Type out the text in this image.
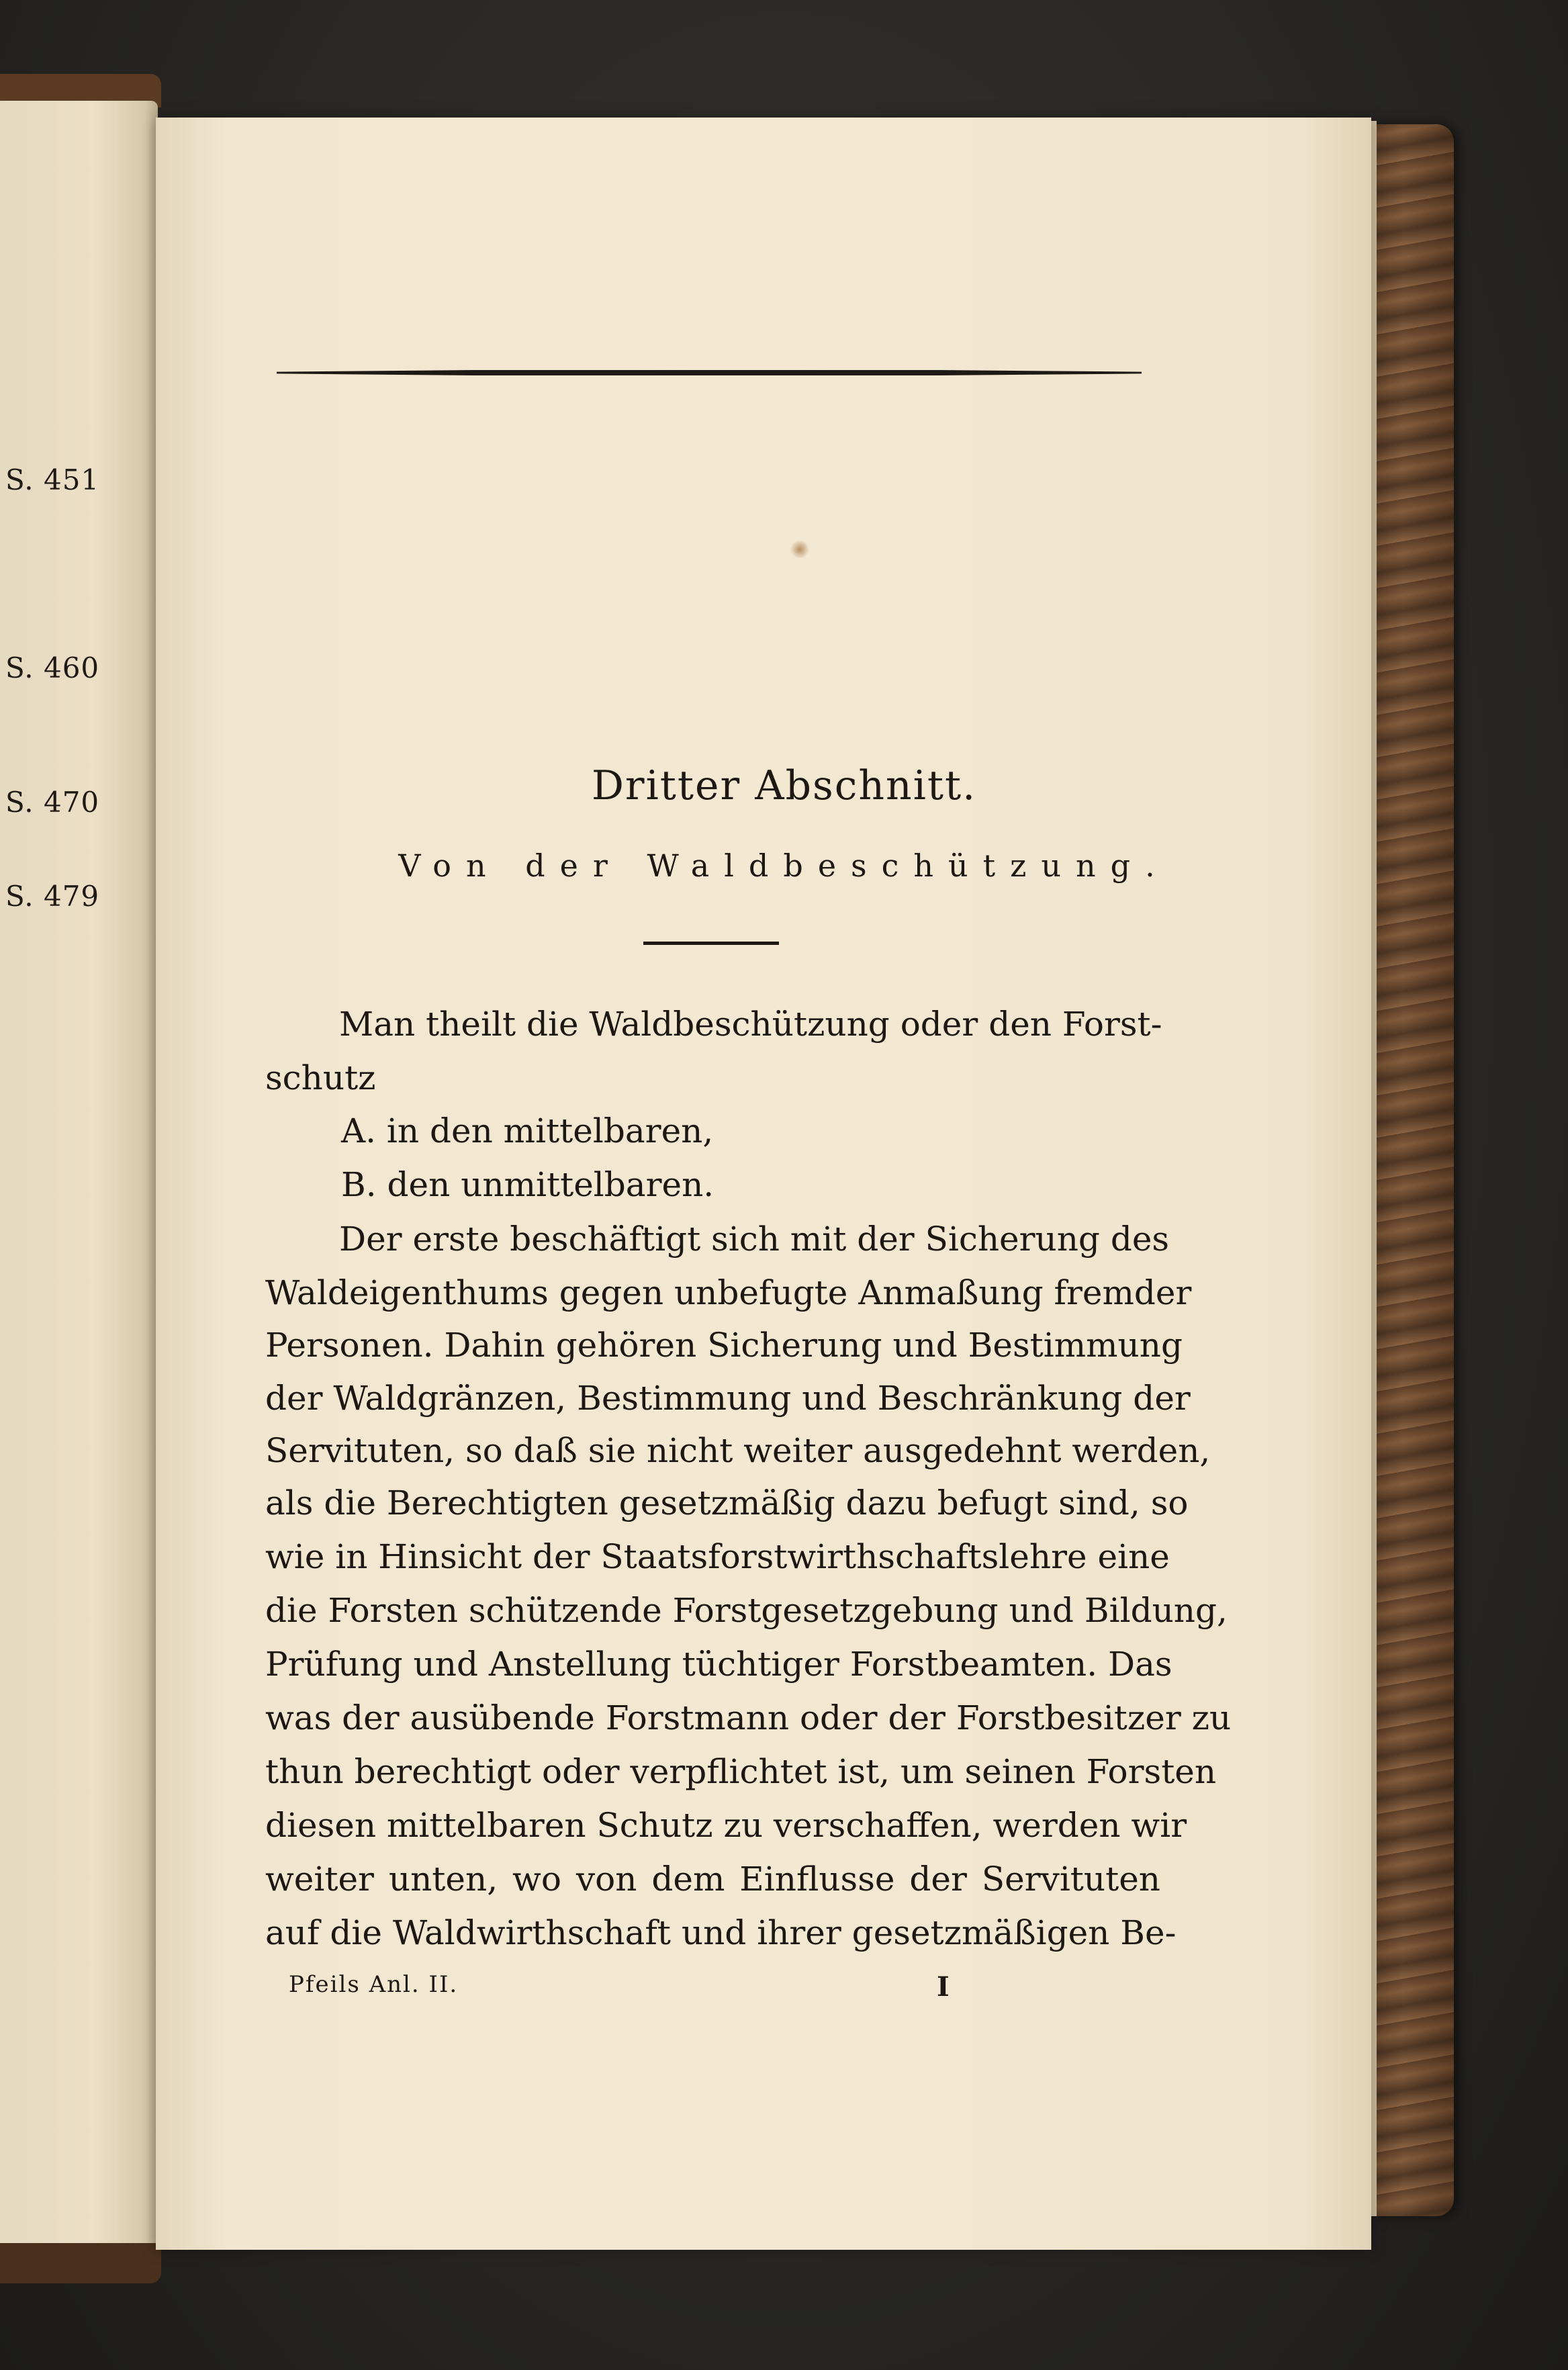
S. 451
S. 460
S. 470
S. 479
Dritter Abschnitt.
Von der Waldbeschützung.
Man theilt die Waldbeschützung oder den Forst-
schutz
A. in den mittelbaren,
B. den unmittelbaren.
Der erste beschäftigt sich mit der Sicherung des
Waldeigenthums gegen unbefugte Anmaßung fremder
Personen. Dahin gehören Sicherung und Bestimmung
der Waldgränzen, Bestimmung und Beschränkung der
Servituten, so daß sie nicht weiter ausgedehnt werden,
als die Berechtigten gesetzmäßig dazu befugt sind, so
wie in Hinsicht der Staatsforstwirthschaftslehre eine
die Forsten schützende Forstgesetzgebung und Bildung,
Prüfung und Anstellung tüchtiger Forstbeamten. Das
was der ausübende Forstmann oder der Forstbesitzer zu
thun berechtigt oder verpflichtet ist, um seinen Forsten
diesen mittelbaren Schutz zu verschaffen, werden wir
weiter unten, wo von dem Einflusse der Servituten
auf die Waldwirthschaft und ihrer gesetzmäßigen Be-
Pfeils Anl. II.	I
